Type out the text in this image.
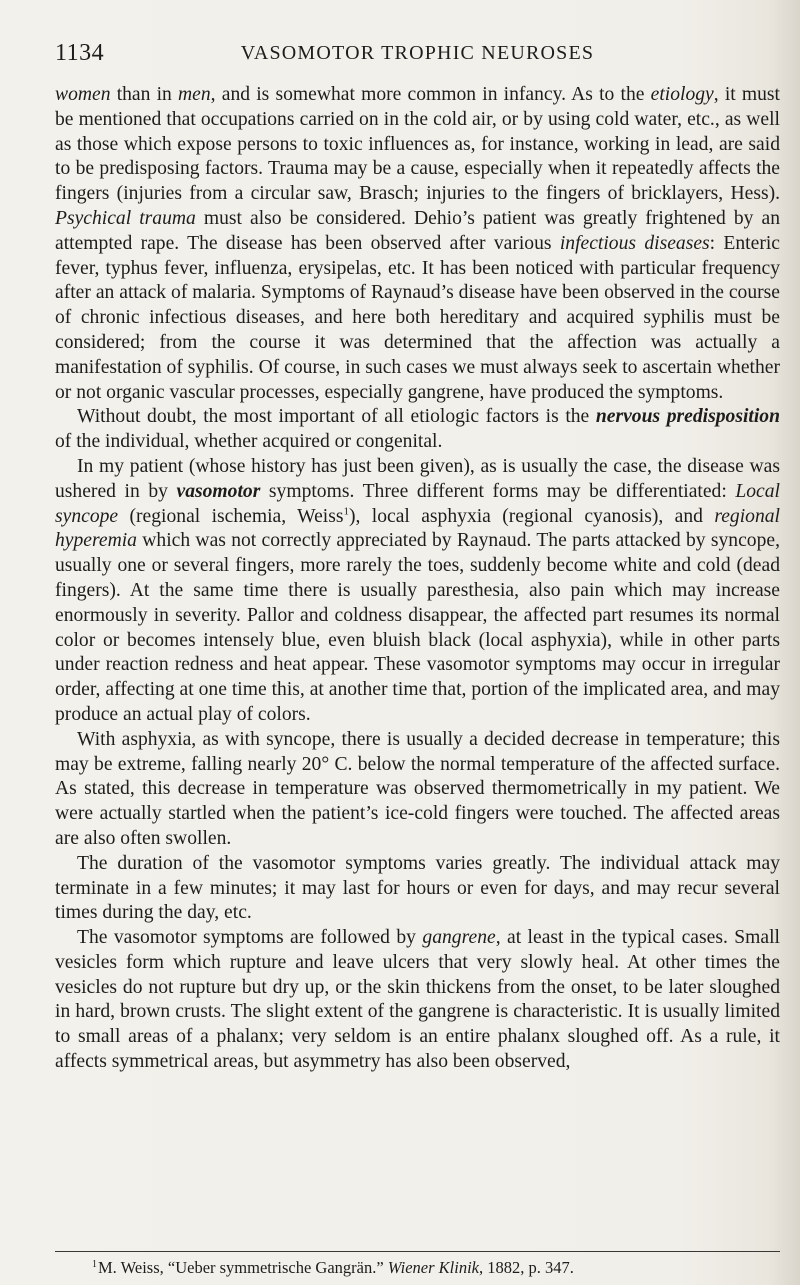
1134	VASOMOTOR TROPHIC NEUROSES

women than in men, and is somewhat more common in infancy. As to the etiology, it must be mentioned that occupations carried on in the cold air, or by using cold water, etc., as well as those which expose persons to toxic influences as, for instance, working in lead, are said to be predisposing factors. Trauma may be a cause, especially when it repeatedly affects the fingers (injuries from a circular saw, Brasch; injuries to the fingers of bricklayers, Hess). Psychical trauma must also be considered. Dehio’s patient was greatly frightened by an attempted rape. The disease has been observed after various infectious diseases: Enteric fever, typhus fever, influenza, erysipelas, etc. It has been noticed with particular frequency after an attack of malaria. Symptoms of Raynaud’s disease have been observed in the course of chronic infectious diseases, and here both hereditary and acquired syphilis must be considered; from the course it was determined that the affection was actually a manifestation of syphilis. Of course, in such cases we must always seek to ascertain whether or not organic vascular processes, especially gangrene, have produced the symptoms.

Without doubt, the most important of all etiologic factors is the nervous predisposition of the individual, whether acquired or congenital.

In my patient (whose history has just been given), as is usually the case, the disease was ushered in by vasomotor symptoms. Three different forms may be differentiated: Local syncope (regional ischemia, Weiss$^1$), local asphyxia (regional cyanosis), and regional hyperemia which was not correctly appreciated by Raynaud. The parts attacked by syncope, usually one or several fingers, more rarely the toes, suddenly become white and cold (dead fingers). At the same time there is usually paresthesia, also pain which may increase enormously in severity. Pallor and coldness disappear, the affected part resumes its normal color or becomes intensely blue, even bluish black (local asphyxia), while in other parts under reaction redness and heat appear. These vasomotor symptoms may occur in irregular order, affecting at one time this, at another time that, portion of the implicated area, and may produce an actual play of colors.

With asphyxia, as with syncope, there is usually a decided decrease in temperature; this may be extreme, falling nearly 20° C. below the normal temperature of the affected surface. As stated, this decrease in temperature was observed thermometrically in my patient. We were actually startled when the patient’s ice-cold fingers were touched. The affected areas are also often swollen.

The duration of the vasomotor symptoms varies greatly. The individual attack may terminate in a few minutes; it may last for hours or even for days, and may recur several times during the day, etc.

The vasomotor symptoms are followed by gangrene, at least in the typical cases. Small vesicles form which rupture and leave ulcers that very slowly heal. At other times the vesicles do not rupture but dry up, or the skin thickens from the onset, to be later sloughed in hard, brown crusts. The slight extent of the gangrene is characteristic. It is usually limited to small areas of a phalanx; very seldom is an entire phalanx sloughed off. As a rule, it affects symmetrical areas, but asymmetry has also been observed,

$^1$M. Weiss, “Ueber symmetrische Gangrän.” Wiener Klinik, 1882, p. 347.
